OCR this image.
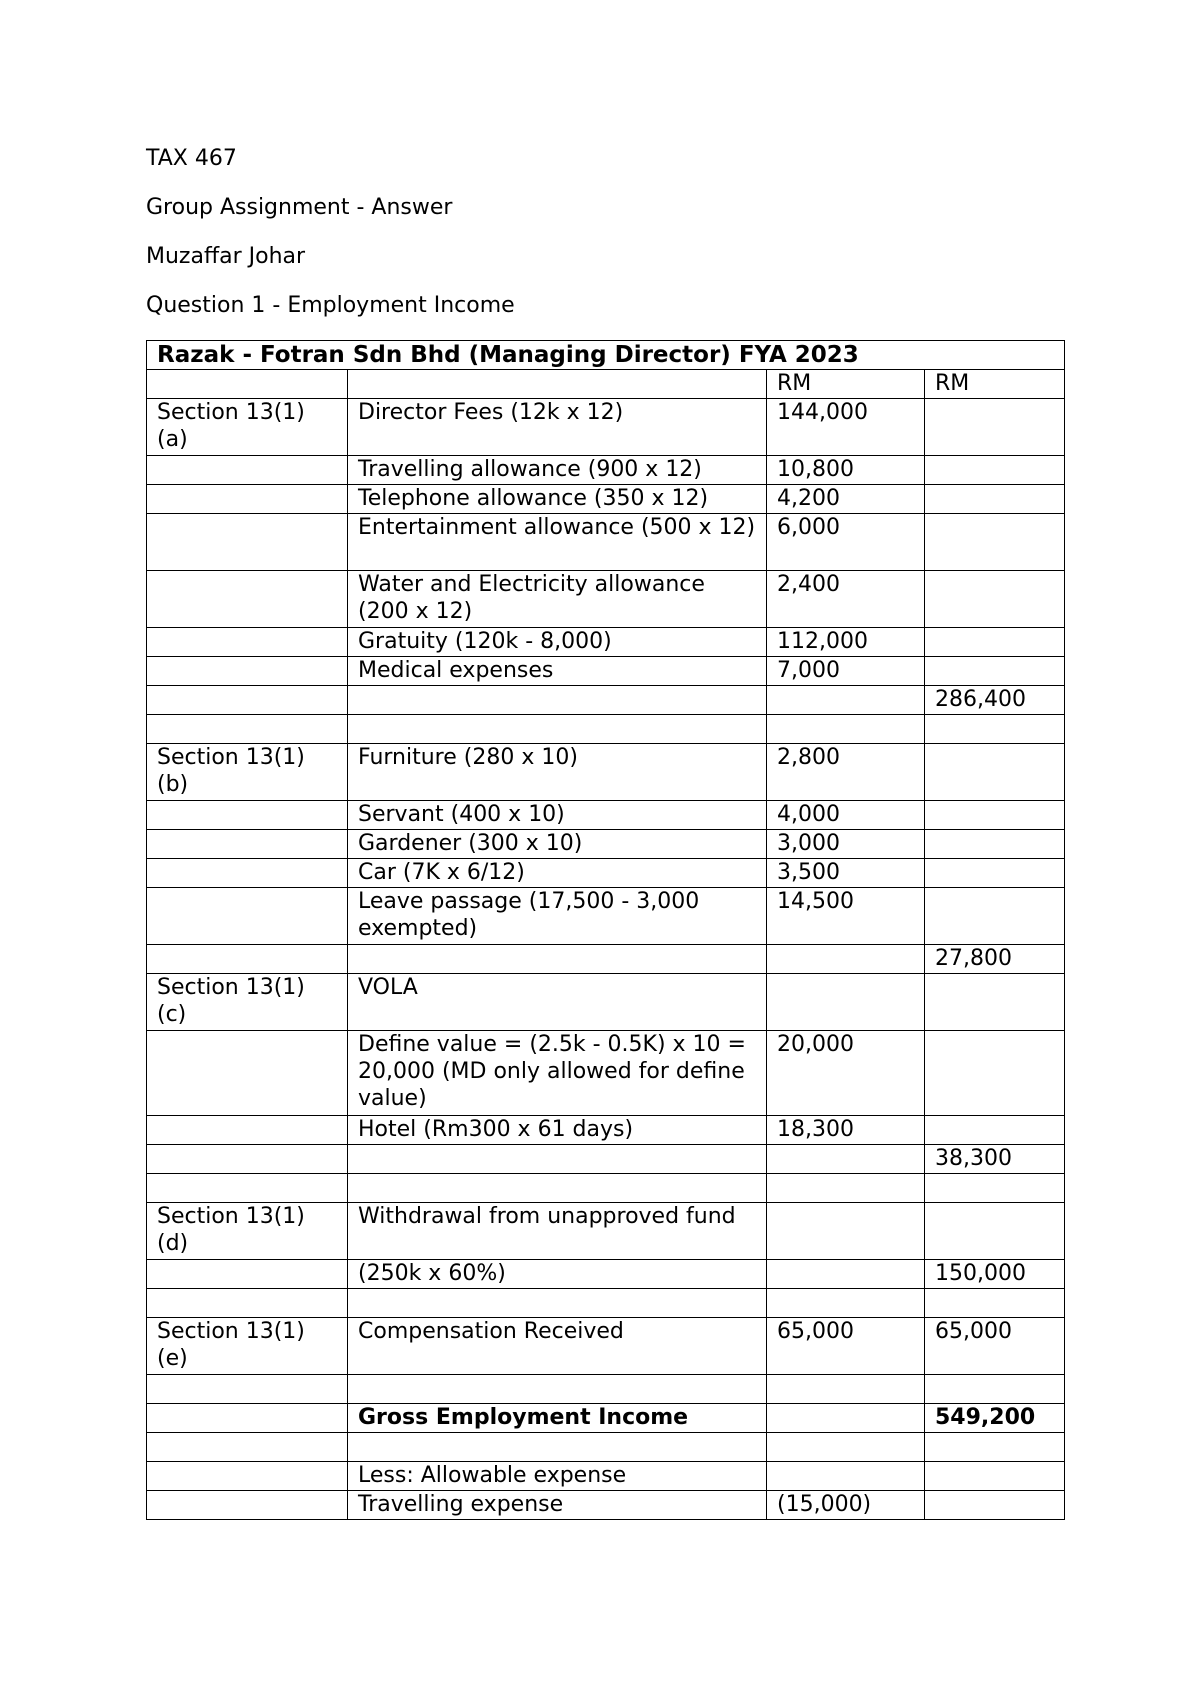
TAX 467
Group Assignment - Answer
Muzaffar Johar
Question 1 - Employment Income
Razak - Fotran Sdn Bhd (Managing Director) FYA 2023			
		RM	RM
Section 13(1) (a)	Director Fees (12k x 12)	144,000	
	Travelling allowance (900 x 12)	10,800	
	Telephone allowance (350 x 12)	4,200	
	Entertainment allowance (500 x 12)	6,000	
	Water and Electricity allowance (200 x 12)	2,400	
	Gratuity (120k - 8,000)	112,000	
	Medical expenses	7,000	
			286,400

Section 13(1) (b)	Furniture (280 x 10)	2,800	
	Servant (400 x 10)	4,000	
	Gardener (300 x 10)	3,000	
	Car (7K x 6/12)	3,500	
	Leave passage (17,500 - 3,000 exempted)	14,500	
			27,800
Section 13(1) (c)	VOLA		
	Define value = (2.5k - 0.5K) x 10 = 20,000 (MD only allowed for define value)	20,000	
	Hotel (Rm300 x 61 days)	18,300	
			38,300

Section 13(1) (d)	Withdrawal from unapproved fund		
	(250k x 60%)		150,000

Section 13(1) (e)	Compensation Received	65,000	65,000

	Gross Employment Income		549,200

	Less: Allowable expense		
	Travelling expense	(15,000)	
